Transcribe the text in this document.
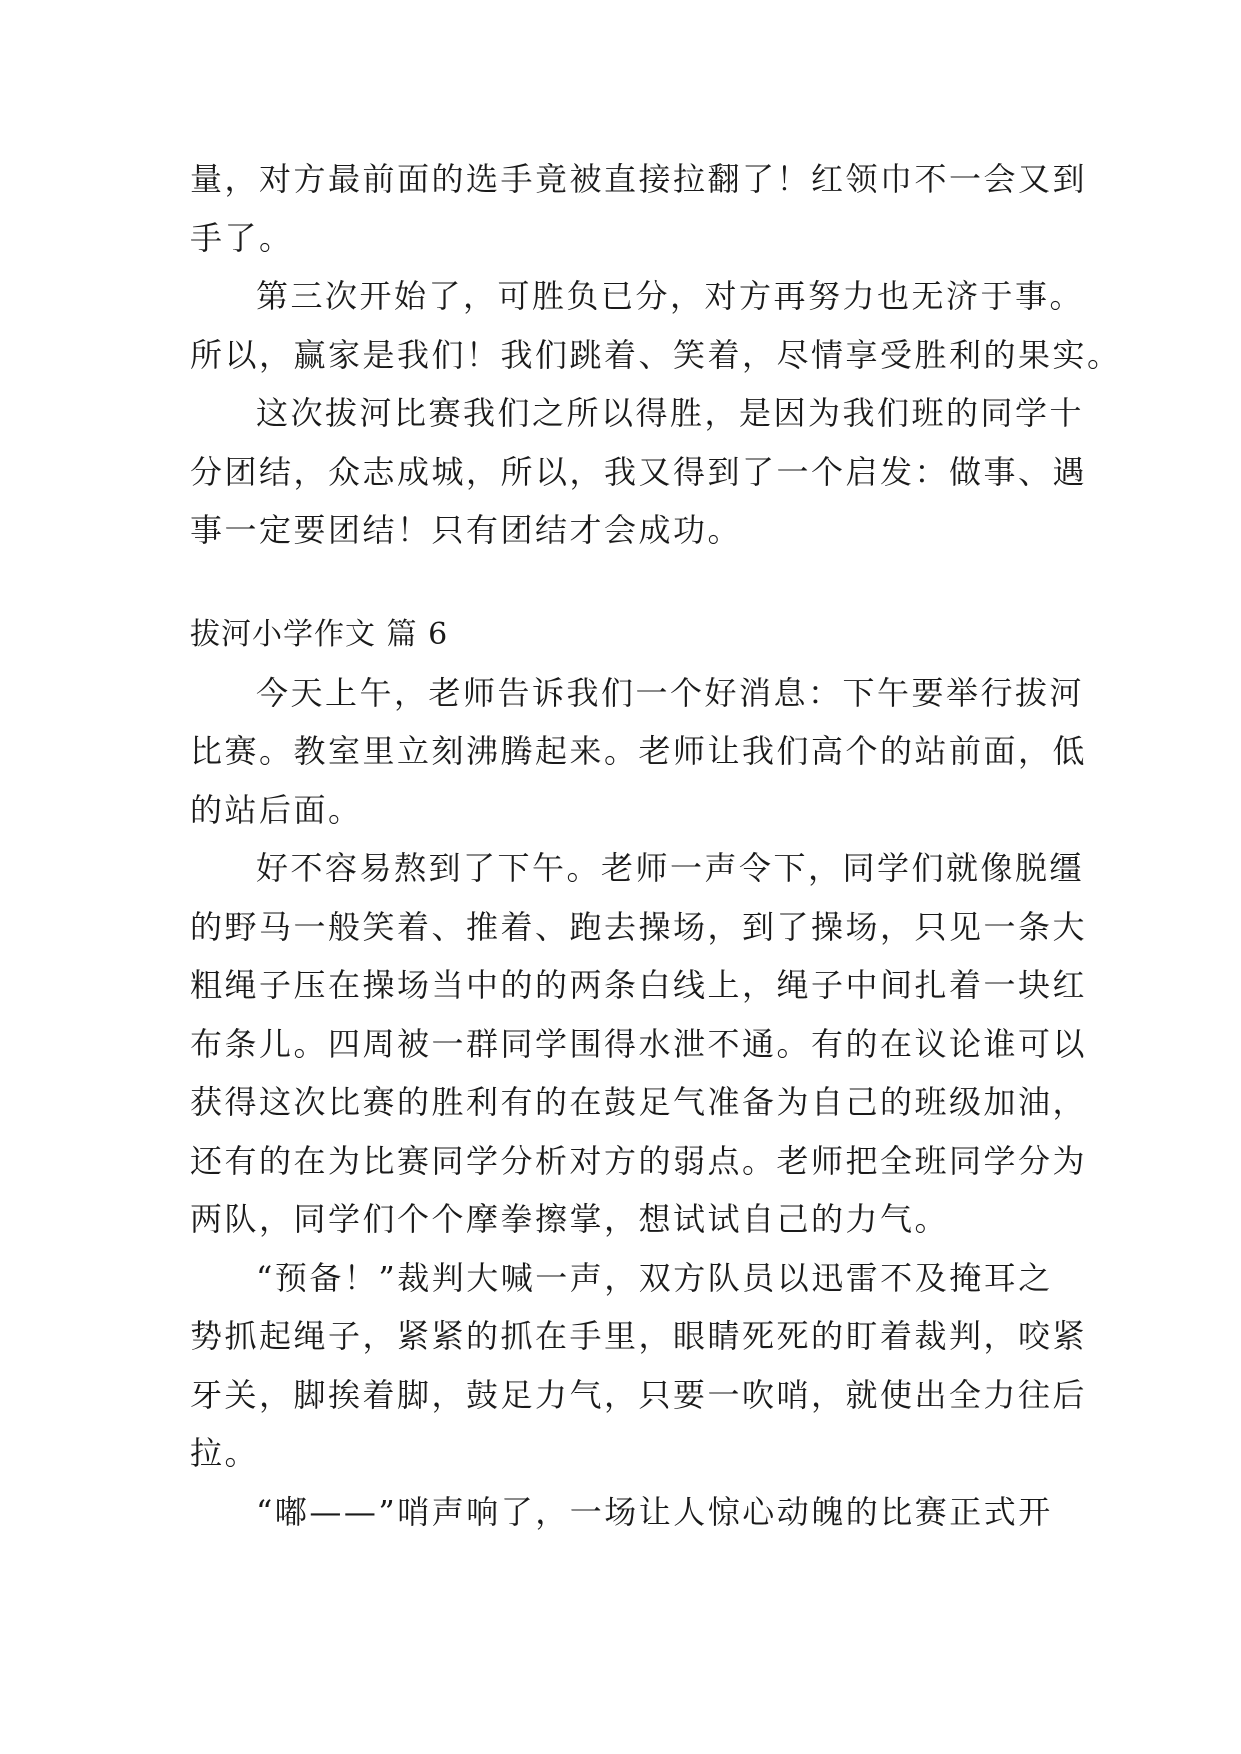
量，对方最前面的选手竟被直接拉翻了！红领巾不一会又到
手了。
第三次开始了，可胜负已分，对方再努力也无济于事。
所以，赢家是我们！我们跳着、笑着，尽情享受胜利的果实。
这次拔河比赛我们之所以得胜，是因为我们班的同学十
分团结，众志成城，所以，我又得到了一个启发：做事、遇
事一定要团结！只有团结才会成功。
拔河小学作文 篇 6
今天上午，老师告诉我们一个好消息：下午要举行拔河
比赛。教室里立刻沸腾起来。老师让我们高个的站前面，低
的站后面。
好不容易熬到了下午。老师一声令下，同学们就像脱缰
的野马一般笑着、推着、跑去操场，到了操场，只见一条大
粗绳子压在操场当中的的两条白线上，绳子中间扎着一块红
布条儿。四周被一群同学围得水泄不通。有的在议论谁可以
获得这次比赛的胜利有的在鼓足气准备为自己的班级加油，
还有的在为比赛同学分析对方的弱点。老师把全班同学分为
两队，同学们个个摩拳擦掌，想试试自己的力气。
“预备！”裁判大喊一声，双方队员以迅雷不及掩耳之
势抓起绳子，紧紧的抓在手里，眼睛死死的盯着裁判，咬紧
牙关，脚挨着脚，鼓足力气，只要一吹哨，就使出全力往后
拉。
“嘟——”哨声响了，一场让人惊心动魄的比赛正式开
